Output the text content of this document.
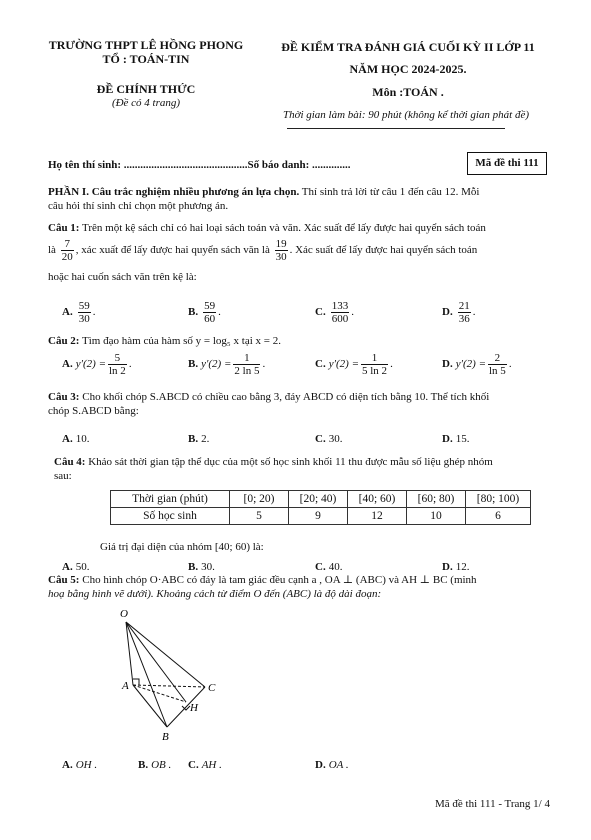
TRƯỜNG THPT LÊ HỒNG PHONG
TỔ : TOÁN-TIN
ĐỀ CHÍNH THỨC
(Đề có 4 trang)
ĐỀ KIỂM TRA ĐÁNH GIÁ CUỐI KỲ II LỚP 11
NĂM HỌC 2024-2025.
Môn :TOÁN .
Thời gian làm bài: 90 phút (không kể thời gian phát đề)
Họ tên thí sinh: .............................................Số báo danh: ..............	Mã đề thi 111
PHẦN I. Câu trắc nghiệm nhiều phương án lựa chọn. Thí sinh trả lời từ câu 1 đến câu 12. Mỗi
câu hỏi thí sinh chỉ chọn một phương án.
Câu 1: Trên một kệ sách chỉ có hai loại sách toán và văn. Xác suất để lấy được hai quyển sách toán
là $\frac{7}{20}$ , xác xuất để lấy được hai quyển sách văn là $\frac{19}{30}$ . Xác suất để lấy được hai quyển sách toán
hoặc hai cuốn sách văn trên kệ là:
A. $\frac{59}{30}$ .	B. $\frac{59}{60}$ .	C. $\frac{133}{600}$ .	D. $\frac{21}{36}$ .
Câu 2: Tìm đạo hàm của hàm số y = log₅ x tại x = 2.
A. $y'(2) = \frac{5}{\ln 2}$ .	B. $y'(2) = \frac{1}{2 \ln 5}$ .	C. $y'(2) = \frac{1}{5 \ln 2}$ .	D. $y'(2) = \frac{2}{\ln 5}$ .
Câu 3: Cho khối chóp S.ABCD có chiều cao bằng 3, đáy ABCD có diện tích bằng 10. Thể tích khối
chóp S.ABCD bằng:
A. 10.	B. 2.	C. 30.	D. 15.
Câu 4: Khảo sát thời gian tập thể dục của một số học sinh khối 11 thu được mẫu số liệu ghép nhóm
sau:
Thời gian (phút)	[0; 20)	[20; 40)	[40; 60)	[60; 80)	[80; 100)
Số học sinh	5	9	12	10	6
Giá trị đại diện của nhóm [40; 60) là:
A. 50.	B. 30.	C. 40.	D. 12.
Câu 5: Cho hình chóp O·ABC có đáy là tam giác đều cạnh a , OA ⊥ (ABC) và AH ⊥ BC (minh
hoạ bằng hình vẽ dưới). Khoảng cách từ điểm O đến (ABC) là độ dài đoạn:
O
A	C
H
B
A. OH .	B. OB . C. AH .	D. OA .
Mã đề thi 111 - Trang 1/ 4
